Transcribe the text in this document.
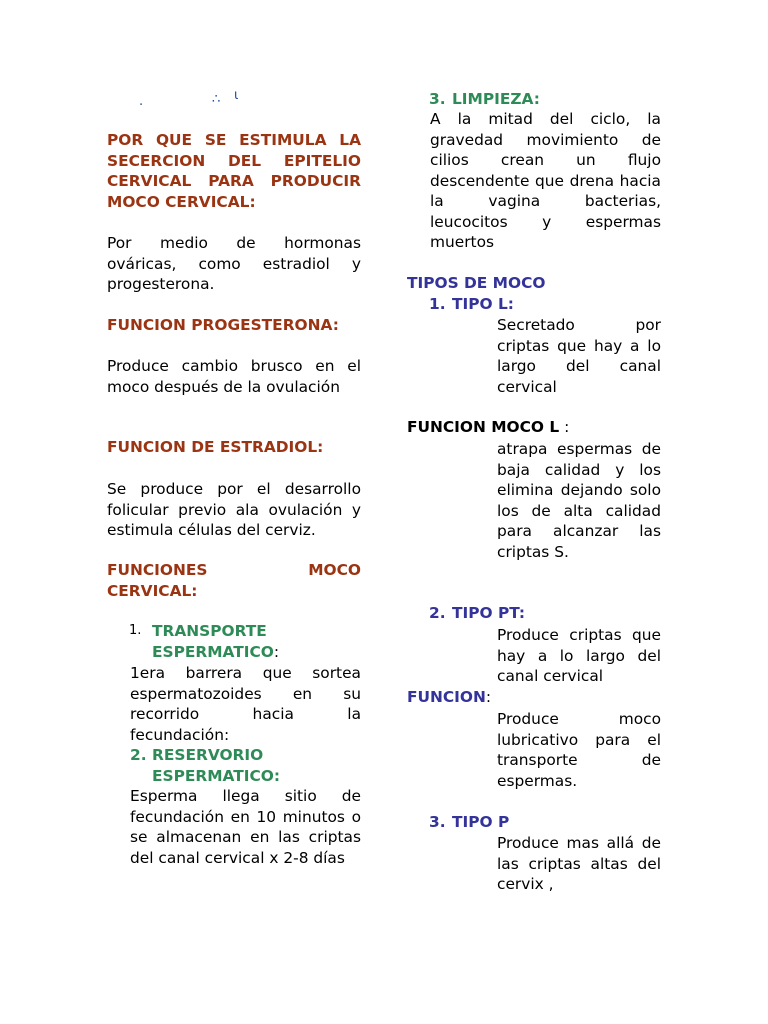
·	∴ ɩ
POR QUE SE ESTIMULA LA SECERCION DEL EPITELIO CERVICAL PARA PRODUCIR MOCO CERVICAL:
Por medio de hormonas ováricas, como estradiol y progesterona.
FUNCION PROGESTERONA:
Produce cambio brusco en el moco después de la ovulación
FUNCION DE ESTRADIOL:
Se produce por el desarrollo folicular previo ala ovulación y estimula células del cerviz.
FUNCIONES MOCO CERVICAL:
1. TRANSPORTE ESPERMATICO:
1era barrera que sortea espermatozoides en su recorrido hacia la fecundación:
2. RESERVORIO ESPERMATICO:
Esperma llega sitio de fecundación en 10 minutos o se almacenan en las criptas del canal cervical x 2-8 días
3. LIMPIEZA:
A la mitad del ciclo, la gravedad movimiento de cilios crean un flujo descendente que drena hacia la vagina bacterias, leucocitos y espermas muertos
TIPOS DE MOCO
1. TIPO L:
Secretado por criptas que hay a lo largo del canal cervical
FUNCION MOCO L :
atrapa espermas de baja calidad y los elimina dejando solo los de alta calidad para alcanzar las criptas S.
2. TIPO PT:
Produce criptas que hay a lo largo del canal cervical
FUNCION:
Produce moco lubricativo para el transporte de espermas.
3. TIPO P
Produce mas allá de las criptas altas del cervix ,
